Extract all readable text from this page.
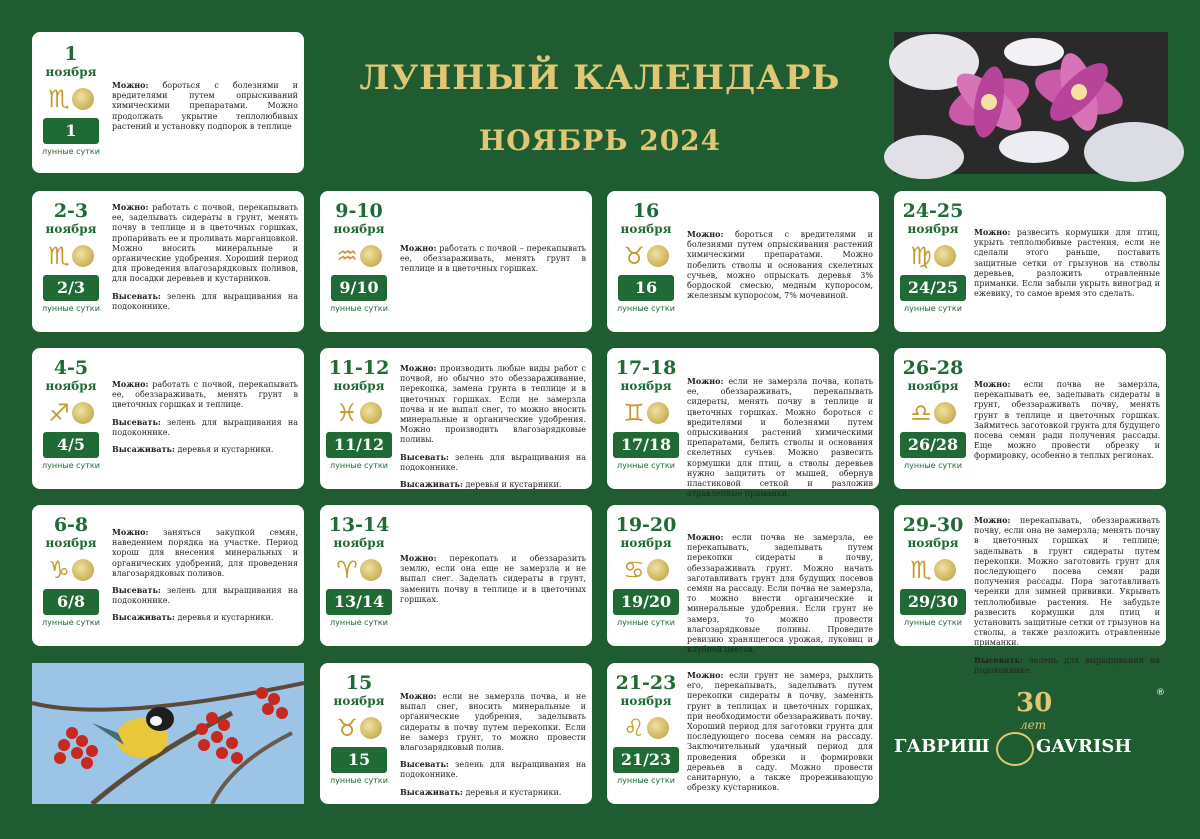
ЛУННЫЙ КАЛЕНДАРЬ
НОЯБРЬ 2024
30
лет
ГАВРИШ	GAVRISH
®
1
ноября
♏
1
лунные сутки

Можно: бороться с болезнями и вредителями путем опрыскиваний химическими препаратами. Можно продолжать укрытие теплолюбивых растений и установку подпорок в теплице

2-3
ноября
♏
2/3
лунные сутки

Можно: работать с почвой, перекапывать ее, заделывать сидераты в грунт, менять почву в теплице и в цветочных горшках, пропаривать ее и проливать марганцовкой. Можно вносить минеральные и органические удобрения. Хороший период для проведения влагозарядковых поливов, для посадки деревьев и кустарников.

Высевать: зелень для выращивания на подоконнике.

4-5
ноября
♐
4/5
лунные сутки

Можно: работать с почвой, перекапывать ее, обеззараживать, менять грунт в цветочных горшках и теплице.

Высевать: зелень для выращивания на подоконнике.

Высаживать: деревья и кустарники.

6-8
ноября
♑
6/8
лунные сутки

Можно: заняться закупкой семян, наведением порядка на участке. Период хорош для внесения минеральных и органических удобрений, для проведения влагозарядковых поливов.

Высевать: зелень для выращивания на подоконнике.

Высаживать: деревья и кустарники.

9-10
ноября
♒
9/10
лунные сутки

Можно: работать с почвой – перекапывать ее, обеззараживать, менять грунт в теплице и в цветочных горшках.

11-12
ноября
♓
11/12
лунные сутки

Можно: производить любые виды работ с почвой, но обычно это обеззараживание, перекопка, замена грунта в теплице и в цветочных горшках. Если не замерзла почва и не выпал снег, то можно вносить минеральные и органические удобрения. Можно производить влагозарядковые поливы.

Высевать: зелень для выращивания на подоконнике.

Высаживать: деревья и кустарники.

13-14
ноября
♈
13/14
лунные сутки

Можно: перекопать и обеззаразить землю, если она еще не замерзла и не выпал снег. Заделать сидераты в грунт, заменить почву в теплице и в цветочных горшках.

15
ноября
♉
15
лунные сутки

Можно: если не замерзла почва, и не выпал снег, вносить минеральные и органические удобрения, заделывать сидераты в почву путем перекопки. Если не замерз грунт, то можно провести влагозарядковый полив.

Высевать: зелень для выращивания на подоконнике.

Высаживать: деревья и кустарники.

16
ноября
♉
16
лунные сутки

Можно: бороться с вредителями и болезнями путем опрыскивания растений химическими препаратами. Можно побелить стволы и основания скелетных сучьев, можно опрыскать деревья 3% бордоской смесью, медным купоросом, железным купоросом, 7% мочевиной.

17-18
ноября
♊
17/18
лунные сутки

Можно: если не замерзла почва, копать ее, обеззараживать, перекапывать сидераты, менять почву в теплице и цветочных горшках. Можно бороться с вредителями и болезнями путем опрыскивания растений химическими препаратами, белить стволы и основания скелетных сучьев. Можно развесить кормушки для птиц, а стволы деревьев нужно защитить от мышей, обернув пластиковой сеткой и разложив отравленные приманки.

19-20
ноября
♋
19/20
лунные сутки

Можно: если почва не замерзла, ее перекапывать, заделывать путем перекопки сидераты в почву, обеззараживать грунт. Можно начать заготавливать грунт для будущих посевов семян на рассаду. Если почва не замерзла, то можно внести органические и минеральные удобрения. Если грунт не замерз, то можно провести влагозарядковые поливы. Проведите ревизию хранящегося урожая, луковиц и клубней цветов.

21-23
ноября
♌
21/23
лунные сутки

Можно: если грунт не замерз, рыхлить его, перекапывать, заделывать путем перекопки сидераты в почву, заменять грунт в теплицах и цветочных горшках, при необходимости обеззараживать почву. Хороший период для заготовки грунта для последующего посева семян на рассаду. Заключительный удачный период для проведения обрезки и формировки деревьев в саду. Можно провести санитарную, а также прореживающую обрезку кустарников.

24-25
ноября
♍
24/25
лунные сутки

Можно: развесить кормушки для птиц, укрыть теплолюбивые растения, если не сделали этого раньше, поставить защитные сетки от грызунов на стволы деревьев, разложить отравленные приманки. Если забыли укрыть виноград и ежевику, то самое время это сделать.

26-28
ноября
♎
26/28
лунные сутки

Можно: если почва не замерзла, перекапывать ее, заделывать сидераты в грунт, обеззараживать почву, менять грунт в теплице и цветочных горшках. Займитесь заготовкой грунта для будущего посева семян ради получения рассады. Еще можно провести обрезку и формировку, особенно в теплых регионах.

29-30
ноября
♏
29/30
лунные сутки

Можно: перекапывать, обеззараживать почву, если она не замерзла; менять почву в цветочных горшках и теплице; заделывать в грунт сидераты путем перекопки. Можно заготовить грунт для последующего посева семян ради получения рассады. Пора заготавливать черенки для зимней прививки. Укрывать теплолюбивые растения. Не забудьте развесить кормушки для птиц и установить защитные сетки от грызунов на стволы, а также разложить отравленные приманки.

Высевать: зелень для выращивания на подоконнике.
